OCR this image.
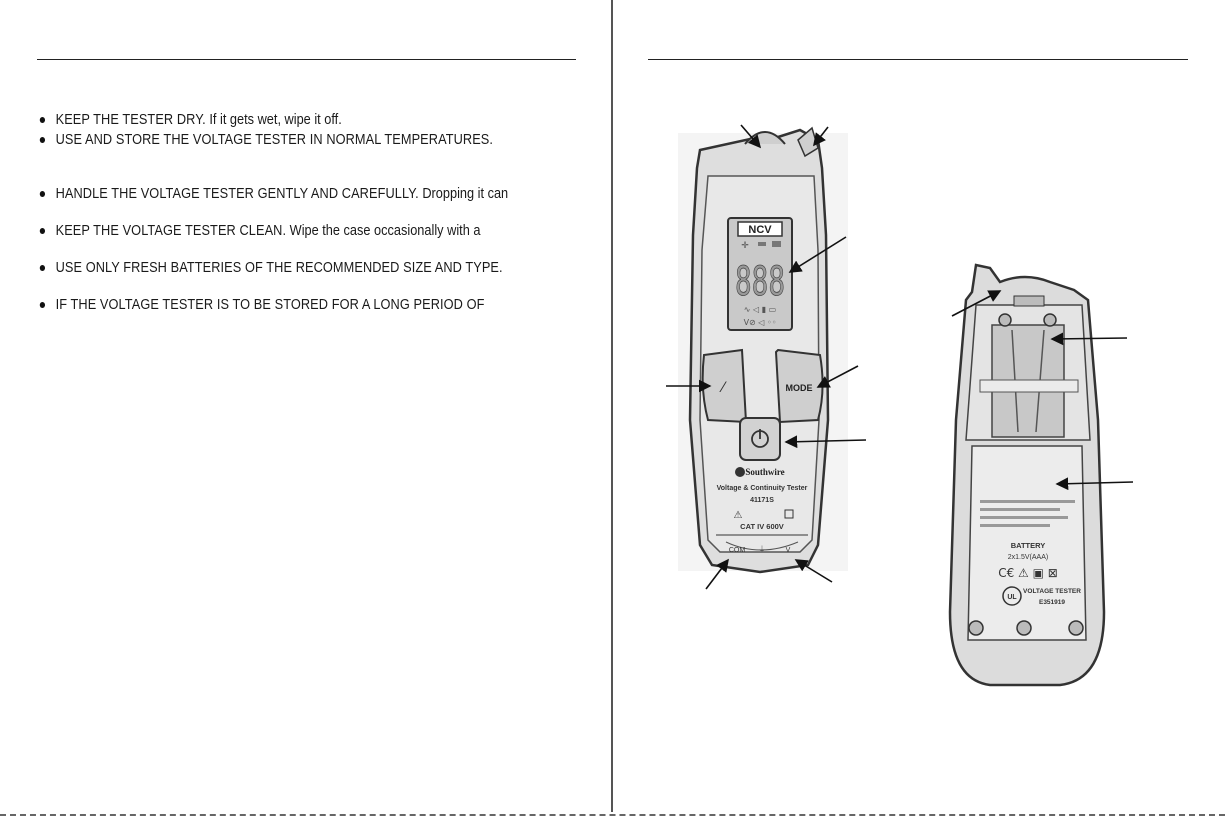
KEEP THE TESTER DRY. If it gets wet, wipe it off.
USE AND STORE THE VOLTAGE TESTER IN NORMAL TEMPERATURES.
HANDLE THE VOLTAGE TESTER GENTLY AND CAREFULLY. Dropping it can
KEEP THE VOLTAGE TESTER CLEAN. Wipe the case occasionally with a
USE ONLY FRESH BATTERIES OF THE RECOMMENDED SIZE AND TYPE.
IF THE VOLTAGE TESTER IS TO BE STORED FOR A LONG PERIOD OF
NCV
✛
888
∿ ◁ ▮ ▭
V⊘ ◁ ◦◦
⁄	MODE
Southwire
Voltage & Continuity Tester
41171S
⚠
CAT IV 600V
COM ⏚	V
BATTERY
2x1.5V(AAA)
C€ ⚠ ▣ ⊠
UL
VOLTAGE TESTER
E351919
